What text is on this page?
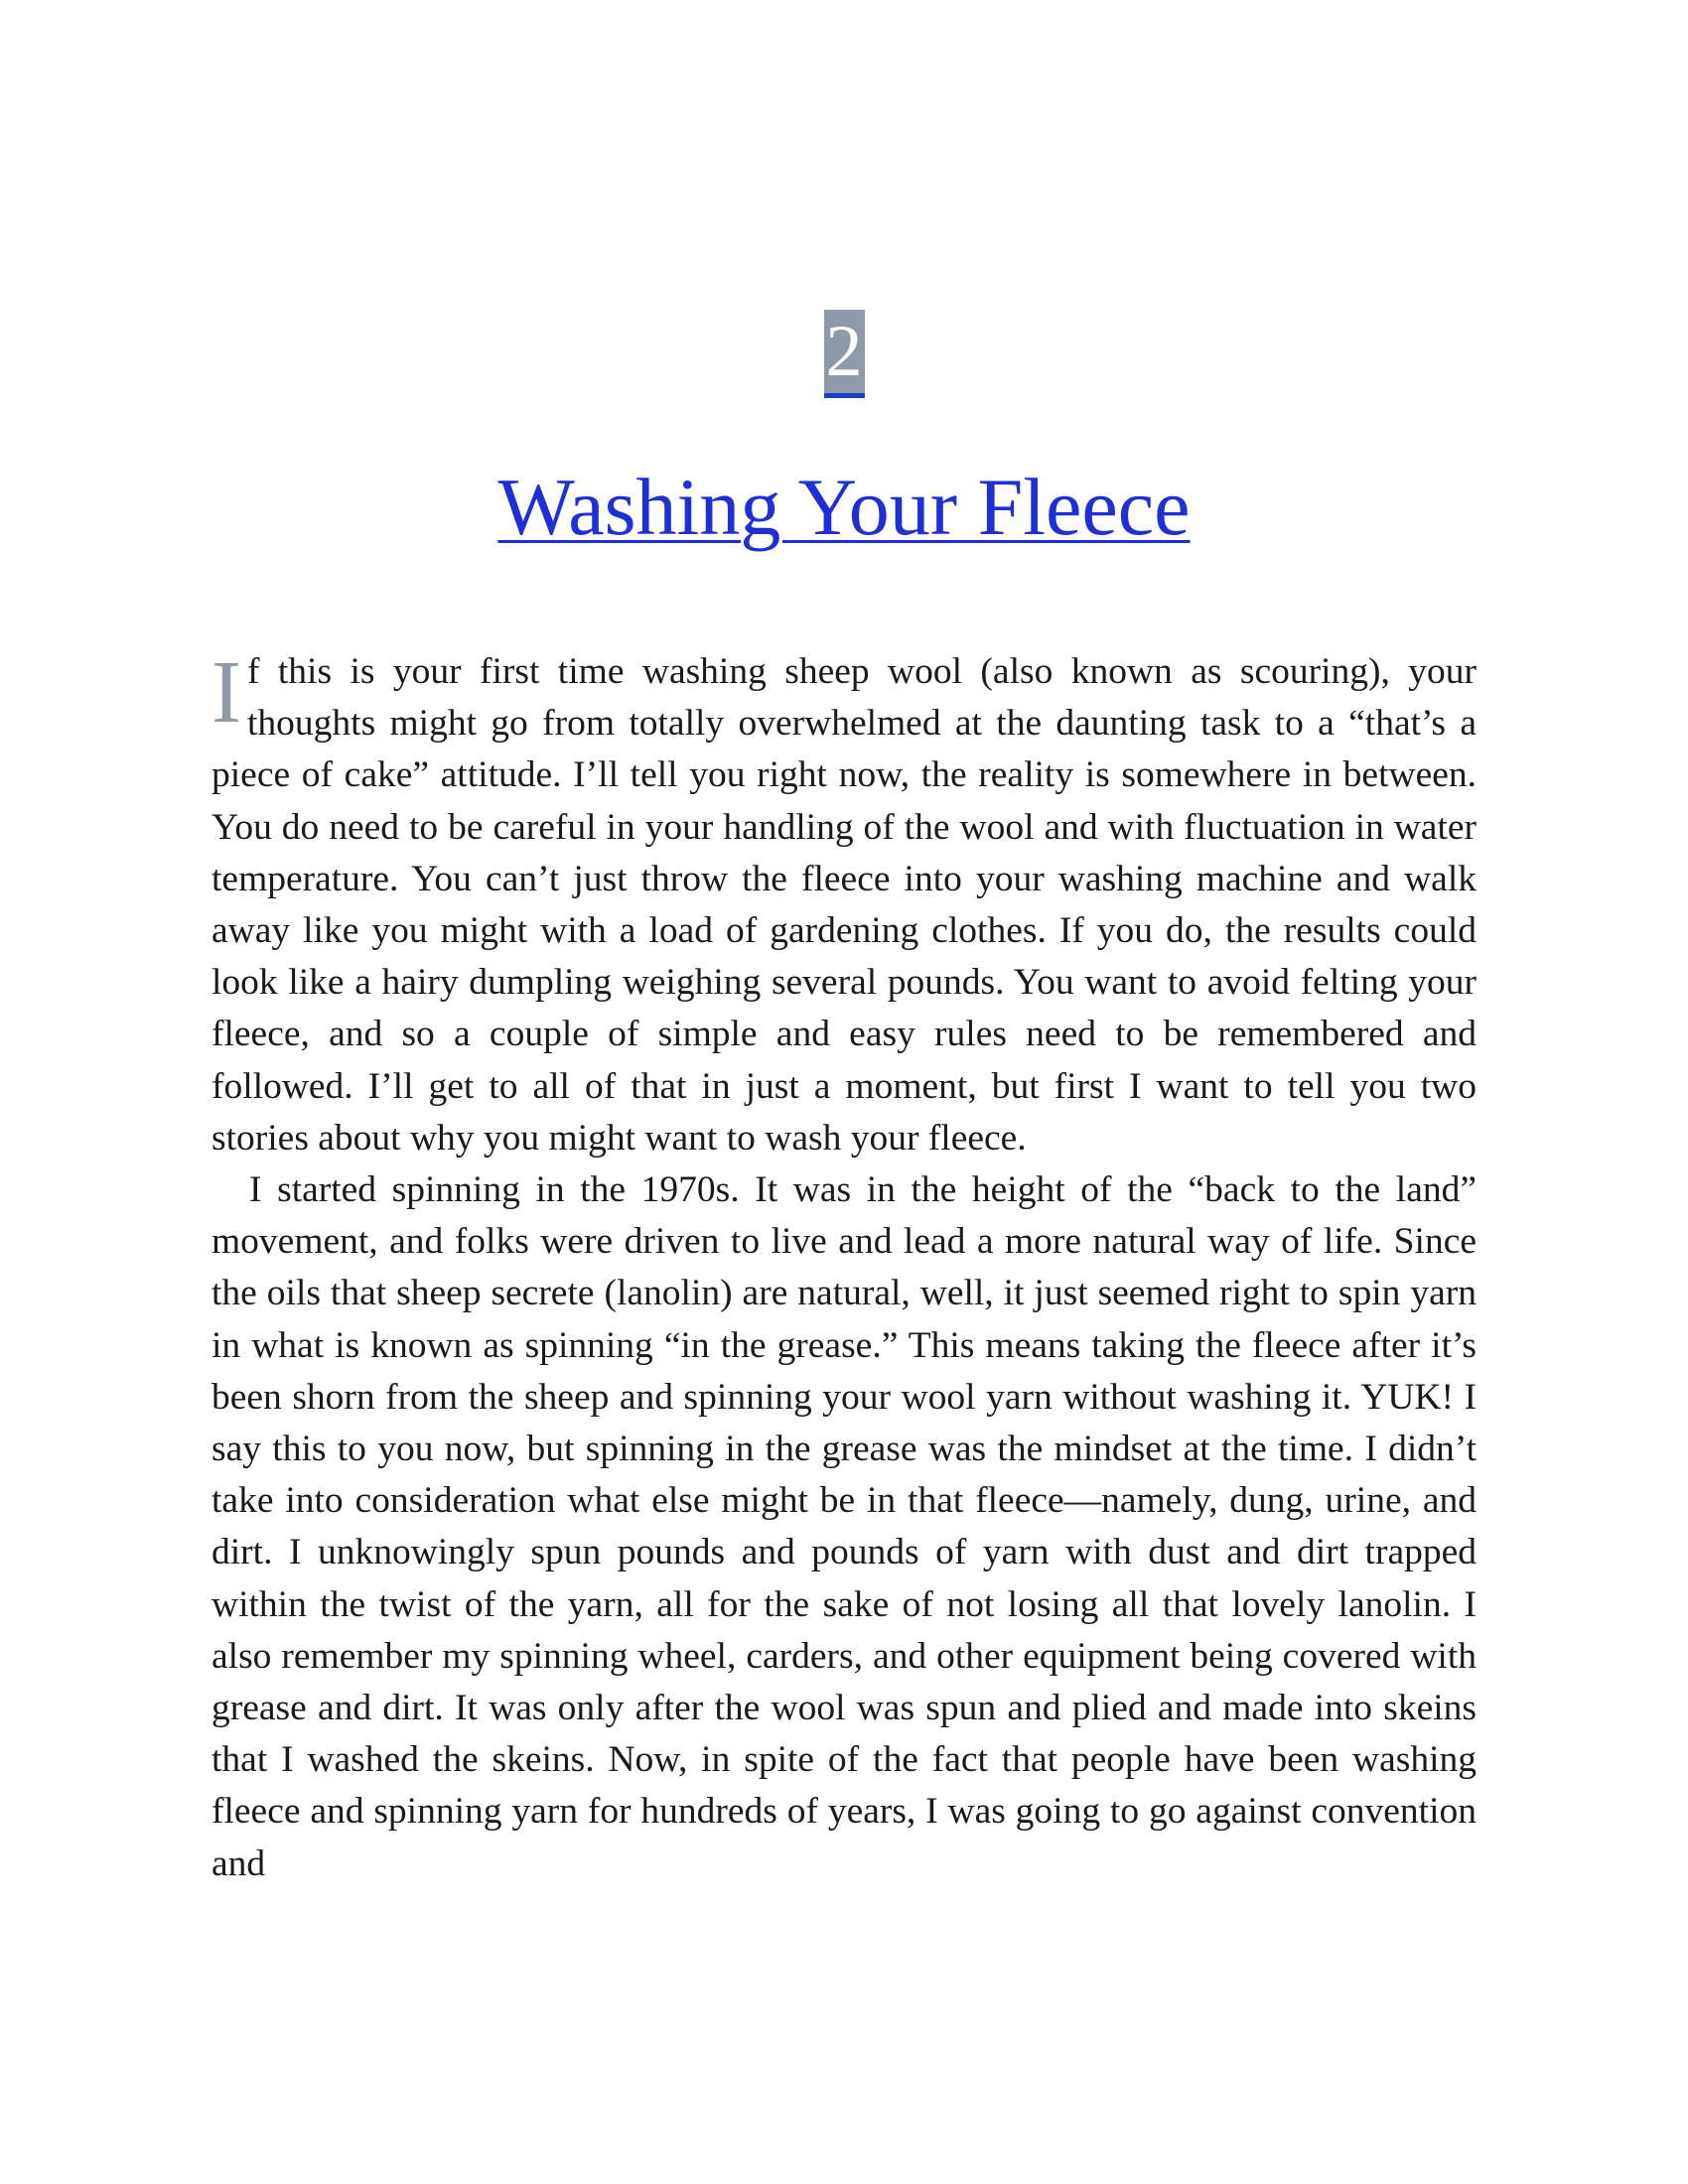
2
Washing Your Fleece

If this is your first time washing sheep wool (also known as scouring), your thoughts might go from totally overwhelmed at the daunting task to a “that’s a piece of cake” attitude. I’ll tell you right now, the reality is somewhere in between. You do need to be careful in your handling of the wool and with fluctuation in water temperature. You can’t just throw the fleece into your washing machine and walk away like you might with a load of gardening clothes. If you do, the results could look like a hairy dumpling weighing several pounds. You want to avoid felting your fleece, and so a couple of simple and easy rules need to be remembered and followed. I’ll get to all of that in just a moment, but first I want to tell you two stories about why you might want to wash your fleece.

I started spinning in the 1970s. It was in the height of the “back to the land” movement, and folks were driven to live and lead a more natural way of life. Since the oils that sheep secrete (lanolin) are natural, well, it just seemed right to spin yarn in what is known as spinning “in the grease.” This means taking the fleece after it’s been shorn from the sheep and spinning your wool yarn without washing it. YUK! I say this to you now, but spinning in the grease was the mindset at the time. I didn’t take into consideration what else might be in that fleece—namely, dung, urine, and dirt. I unknowingly spun pounds and pounds of yarn with dust and dirt trapped within the twist of the yarn, all for the sake of not losing all that lovely lanolin. I also remember my spinning wheel, carders, and other equipment being covered with grease and dirt. It was only after the wool was spun and plied and made into skeins that I washed the skeins. Now, in spite of the fact that people have been washing fleece and spinning yarn for hundreds of years, I was going to go against convention and
